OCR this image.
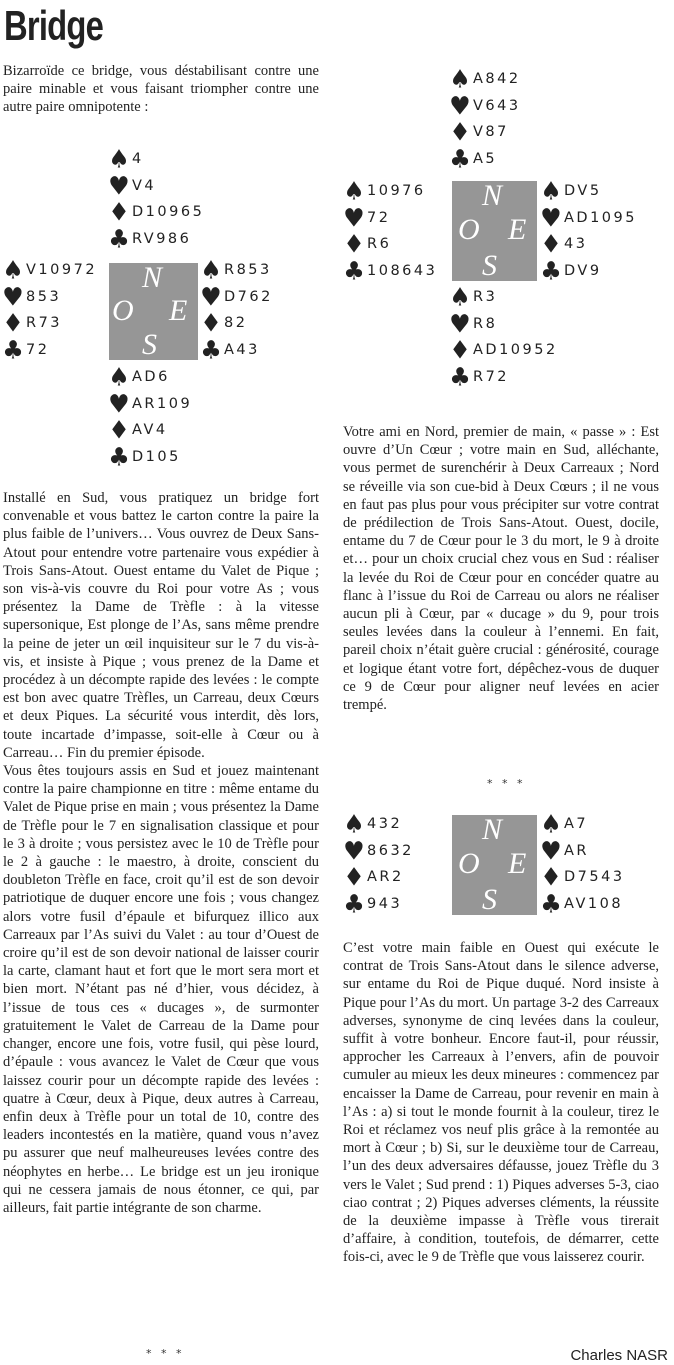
Bridge

Bizarroïde ce bridge, vous déstabilisant contre une paire minable et vous faisant triompher contre une autre paire omnipotente :

♠ 4
♥ V4
♦ D10965
♣ RV986
♠ V10972
♥ 853
♦ R73
♣ 72
N
O E
S
♠ R853
♥ D762
♦ 82
♣ A43
♠ AD6
♥ AR109
♦ AV4
♣ D105

Installé en Sud, vous pratiquez un bridge fort convenable et vous battez le carton contre la paire la plus faible de l’univers… Vous ouvrez de Deux Sans-Atout pour entendre votre partenaire vous expédier à Trois Sans-Atout. Ouest entame du Valet de Pique ; son vis-à-vis couvre du Roi pour votre As ; vous présentez la Dame de Trèfle : à la vitesse supersonique, Est plonge de l’As, sans même prendre la peine de jeter un œil inquisiteur sur le 7 du vis-à-vis, et insiste à Pique ; vous prenez de la Dame et procédez à un décompte rapide des levées : le compte est bon avec quatre Trèfles, un Carreau, deux Cœurs et deux Piques. La sécurité vous interdit, dès lors, toute incartade d’impasse, soit-elle à Cœur ou à Carreau… Fin du premier épisode.

Vous êtes toujours assis en Sud et jouez maintenant contre la paire championne en titre : même entame du Valet de Pique prise en main ; vous présentez la Dame de Trèfle pour le 7 en signalisation classique et pour le 3 à droite ; vous persistez avec le 10 de Trèfle pour le 2 à gauche : le maestro, à droite, conscient du doubleton Trèfle en face, croit qu’il est de son devoir patriotique de duquer encore une fois ; vous changez alors votre fusil d’épaule et bifurquez illico aux Carreaux par l’As suivi du Valet : au tour d’Ouest de croire qu’il est de son devoir national de laisser courir la carte, clamant haut et fort que le mort sera mort et bien mort. N’étant pas né d’hier, vous décidez, à l’issue de tous ces « ducages », de surmonter gratuitement le Valet de Carreau de la Dame pour changer, encore une fois, votre fusil, qui pèse lourd, d’épaule : vous avancez le Valet de Cœur que vous laissez courir pour un décompte rapide des levées : quatre à Cœur, deux à Pique, deux autres à Carreau, enfin deux à Trèfle pour un total de 10, contre des leaders incontestés en la matière, quand vous n’avez pu assurer que neuf malheureuses levées contre des néophytes en herbe… Le bridge est un jeu ironique qui ne cessera jamais de nous étonner, ce qui, par ailleurs, fait partie intégrante de son charme.

* * *
♠ A842
♥ V643
♦ V87
♣ A5
♠ 10976
♥ 72
♦ R6
♣ 108643
N
O E
S
♠ DV5
♥ AD1095
♦ 43
♣ DV9
♠ R3
♥ R8
♦ AD10952
♣ R72

Votre ami en Nord, premier de main, « passe » : Est ouvre d’Un Cœur ; votre main en Sud, alléchante, vous permet de surenchérir à Deux Carreaux ; Nord se réveille via son cue-bid à Deux Cœurs ; il ne vous en faut pas plus pour vous précipiter sur votre contrat de prédilection de Trois Sans-Atout. Ouest, docile, entame du 7 de Cœur pour le 3 du mort, le 9 à droite et… pour un choix crucial chez vous en Sud : réaliser la levée du Roi de Cœur pour en concéder quatre au flanc à l’issue du Roi de Carreau ou alors ne réaliser aucun pli à Cœur, par « ducage » du 9, pour trois seules levées dans la couleur à l’ennemi. En fait, pareil choix n’était guère crucial : générosité, courage et logique étant votre fort, dépêchez-vous de duquer ce 9 de Cœur pour aligner neuf levées en acier trempé.

* * *
♠ 432
♥ 8632
♦ AR2
♣ 943
N
O E
S
♠ A7
♥ AR
♦ D7543
♣ AV108

C’est votre main faible en Ouest qui exécute le contrat de Trois Sans-Atout dans le silence adverse, sur entame du Roi de Pique duqué. Nord insiste à Pique pour l’As du mort. Un partage 3-2 des Carreaux adverses, synonyme de cinq levées dans la couleur, suffit à votre bonheur. Encore faut-il, pour réussir, approcher les Carreaux à l’envers, afin de pouvoir cumuler au mieux les deux mineures : commencez par encaisser la Dame de Carreau, pour revenir en main à l’As : a) si tout le monde fournit à la couleur, tirez le Roi et réclamez vos neuf plis grâce à la remontée au mort à Cœur ; b) Si, sur le deuxième tour de Carreau, l’un des deux adversaires défausse, jouez Trèfle du 3 vers le Valet ; Sud prend : 1) Piques adverses 5-3, ciao ciao contrat ; 2) Piques adverses cléments, la réussite de la deuxième impasse à Trèfle vous tirerait d’affaire, à condition, toutefois, de démarrer, cette fois-ci, avec le 9 de Trèfle que vous laisserez courir.

Charles NASR
